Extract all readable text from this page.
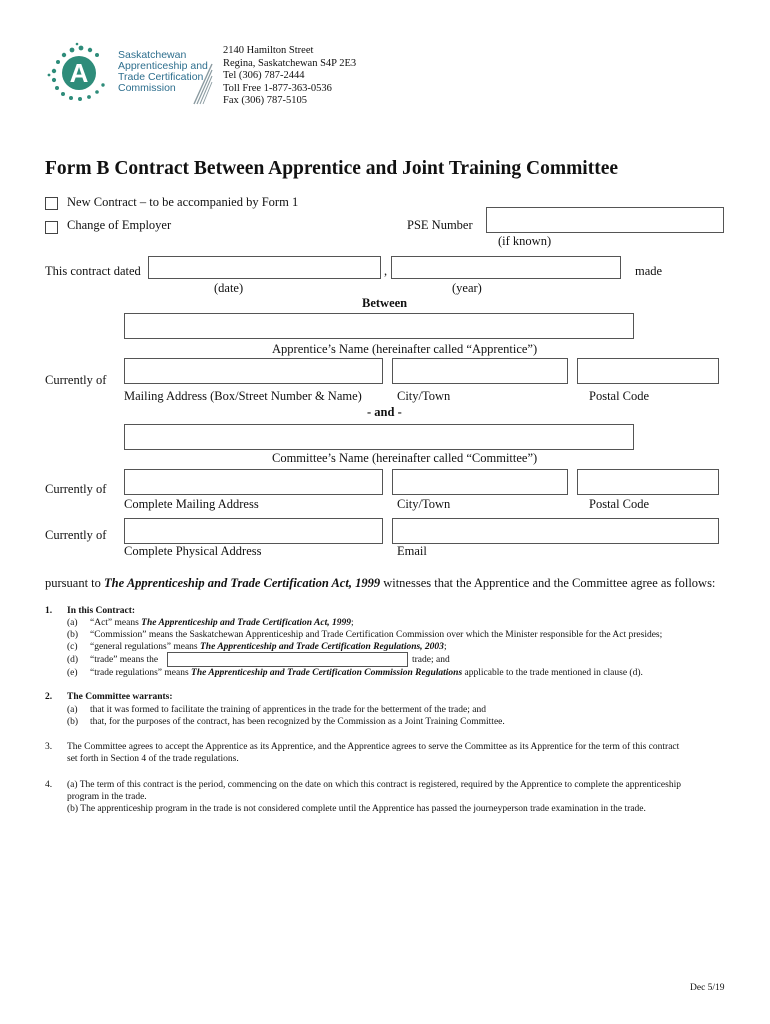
A
Saskatchewan
Apprenticeship and
Trade Certification
Commission
2140 Hamilton Street
Regina, Saskatchewan S4P 2E3
Tel (306) 787-2444
Toll Free 1-877-363-0536
Fax (306) 787-5105
Form B Contract Between Apprentice and Joint Training Committee
New Contract – to be accompanied by Form 1
Change of Employer	PSE Number
(if known)
This contract dated	,	made
(date)	(year)
Between
Apprentice’s Name (hereinafter called “Apprentice”)
Currently of
Mailing Address (Box/Street Number & Name)	City/Town	Postal Code
- and -
Committee’s Name (hereinafter called “Committee”)
Currently of
Complete Mailing Address	City/Town	Postal Code
Currently of
Complete Physical Address	Email
pursuant to The Apprenticeship and Trade Certification Act, 1999 witnesses that the Apprentice and the Committee agree as follows:
1. In this Contract:
(a) “Act” means The Apprenticeship and Trade Certification Act, 1999;
(b) “Commission” means the Saskatchewan Apprenticeship and Trade Certification Commission over which the Minister responsible for the Act presides;
(c) “general regulations” means The Apprenticeship and Trade Certification Regulations, 2003;
(d) “trade” means the	trade; and
(e) “trade regulations” means The Apprenticeship and Trade Certification Commission Regulations applicable to the trade mentioned in clause (d).
2. The Committee warrants:
(a) that it was formed to facilitate the training of apprentices in the trade for the betterment of the trade; and
(b) that, for the purposes of the contract, has been recognized by the Commission as a Joint Training Committee.
3. The Committee agrees to accept the Apprentice as its Apprentice, and the Apprentice agrees to serve the Committee as its Apprentice for the term of this contract
set forth in Section 4 of the trade regulations.
4. (a) The term of this contract is the period, commencing on the date on which this contract is registered, required by the Apprentice to complete the apprenticeship
program in the trade.
(b) The apprenticeship program in the trade is not considered complete until the Apprentice has passed the journeyperson trade examination in the trade.
Dec 5/19
